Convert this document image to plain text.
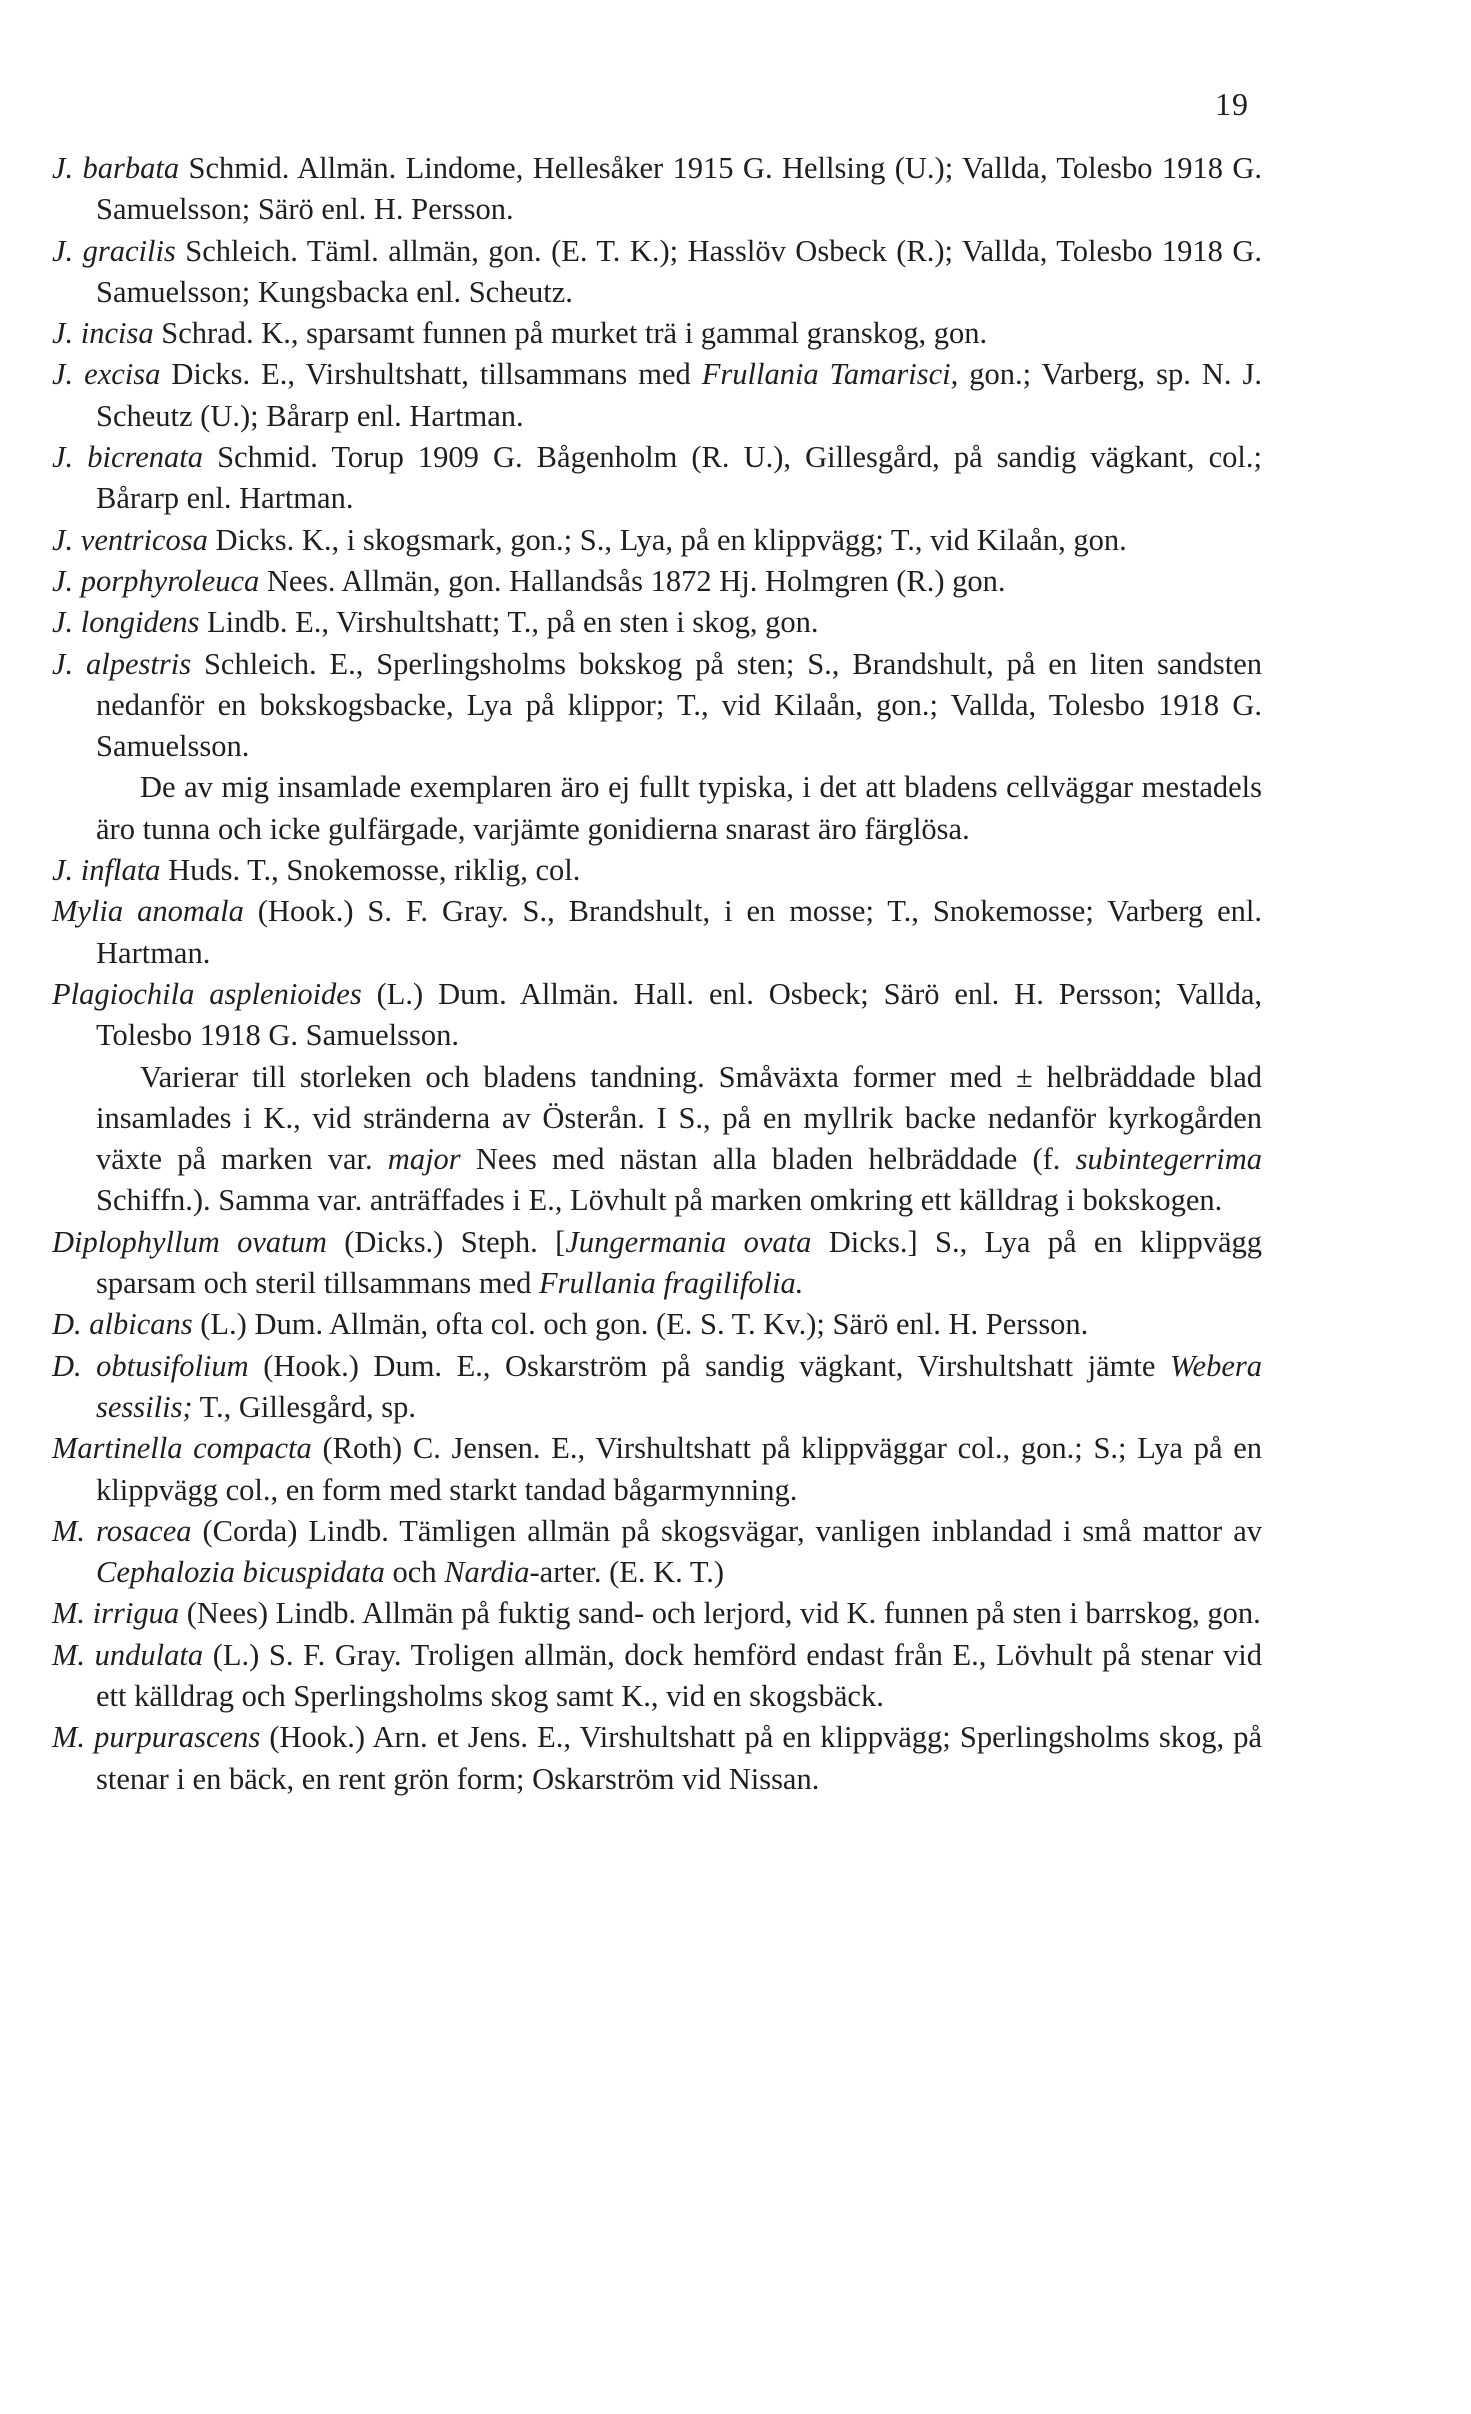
19

J. barbata Schmid. Allmän. Lindome, Hellesåker 1915 G. Hellsing (U.); Vallda, Tolesbo 1918 G. Samuelsson; Särö enl. H. Persson.

J. gracilis Schleich. Täml. allmän, gon. (E. T. K.); Hasslöv Osbeck (R.); Vallda, Tolesbo 1918 G. Samuelsson; Kungsbacka enl. Scheutz.

J. incisa Schrad. K., sparsamt funnen på murket trä i gammal granskog, gon.

J. excisa Dicks. E., Virshultshatt, tillsammans med Frullania Tamarisci, gon.; Varberg, sp. N. J. Scheutz (U.); Bårarp enl. Hartman.

J. bicrenata Schmid. Torup 1909 G. Bågenholm (R. U.), Gillesgård, på sandig vägkant, col.; Bårarp enl. Hartman.

J. ventricosa Dicks. K., i skogsmark, gon.; S., Lya, på en klippvägg; T., vid Kilaån, gon.

J. porphyroleuca Nees. Allmän, gon. Hallandsås 1872 Hj. Holmgren (R.) gon.

J. longidens Lindb. E., Virshultshatt; T., på en sten i skog, gon.

J. alpestris Schleich. E., Sperlingsholms bokskog på sten; S., Brandshult, på en liten sandsten nedanför en bokskogsbacke, Lya på klippor; T., vid Kilaån, gon.; Vallda, Tolesbo 1918 G. Samuelsson.

De av mig insamlade exemplaren äro ej fullt typiska, i det att bladens cellväggar mestadels äro tunna och icke gulfärgade, varjämte gonidierna snarast äro färglösa.

J. inflata Huds. T., Snokemosse, riklig, col.

Mylia anomala (Hook.) S. F. Gray. S., Brandshult, i en mosse; T., Snokemosse; Varberg enl. Hartman.

Plagiochila asplenioides (L.) Dum. Allmän. Hall. enl. Osbeck; Särö enl. H. Persson; Vallda, Tolesbo 1918 G. Samuelsson.

Varierar till storleken och bladens tandning. Småväxta former med ± helbräddade blad insamlades i K., vid stränderna av Österån. I S., på en myllrik backe nedanför kyrkogården växte på marken var. major Nees med nästan alla bladen helbräddade (f. subintegerrima Schiffn.). Samma var. anträffades i E., Lövhult på marken omkring ett källdrag i bokskogen.

Diplophyllum ovatum (Dicks.) Steph. [Jungermania ovata Dicks.] S., Lya på en klippvägg sparsam och steril tillsammans med Frullania fragilifolia.

D. albicans (L.) Dum. Allmän, ofta col. och gon. (E. S. T. Kv.); Särö enl. H. Persson.

D. obtusifolium (Hook.) Dum. E., Oskarström på sandig vägkant, Virshultshatt jämte Webera sessilis; T., Gillesgård, sp.

Martinella compacta (Roth) C. Jensen. E., Virshultshatt på klippväggar col., gon.; S.; Lya på en klippvägg col., en form med starkt tandad bågarmynning.

M. rosacea (Corda) Lindb. Tämligen allmän på skogsvägar, vanligen inblandad i små mattor av Cephalozia bicuspidata och Nardia-arter. (E. K. T.)

M. irrigua (Nees) Lindb. Allmän på fuktig sand- och lerjord, vid K. funnen på sten i barrskog, gon.

M. undulata (L.) S. F. Gray. Troligen allmän, dock hemförd endast från E., Lövhult på stenar vid ett källdrag och Sperlingsholms skog samt K., vid en skogsbäck.

M. purpurascens (Hook.) Arn. et Jens. E., Virshultshatt på en klippvägg; Sperlingsholms skog, på stenar i en bäck, en rent grön form; Oskarström vid Nissan.
